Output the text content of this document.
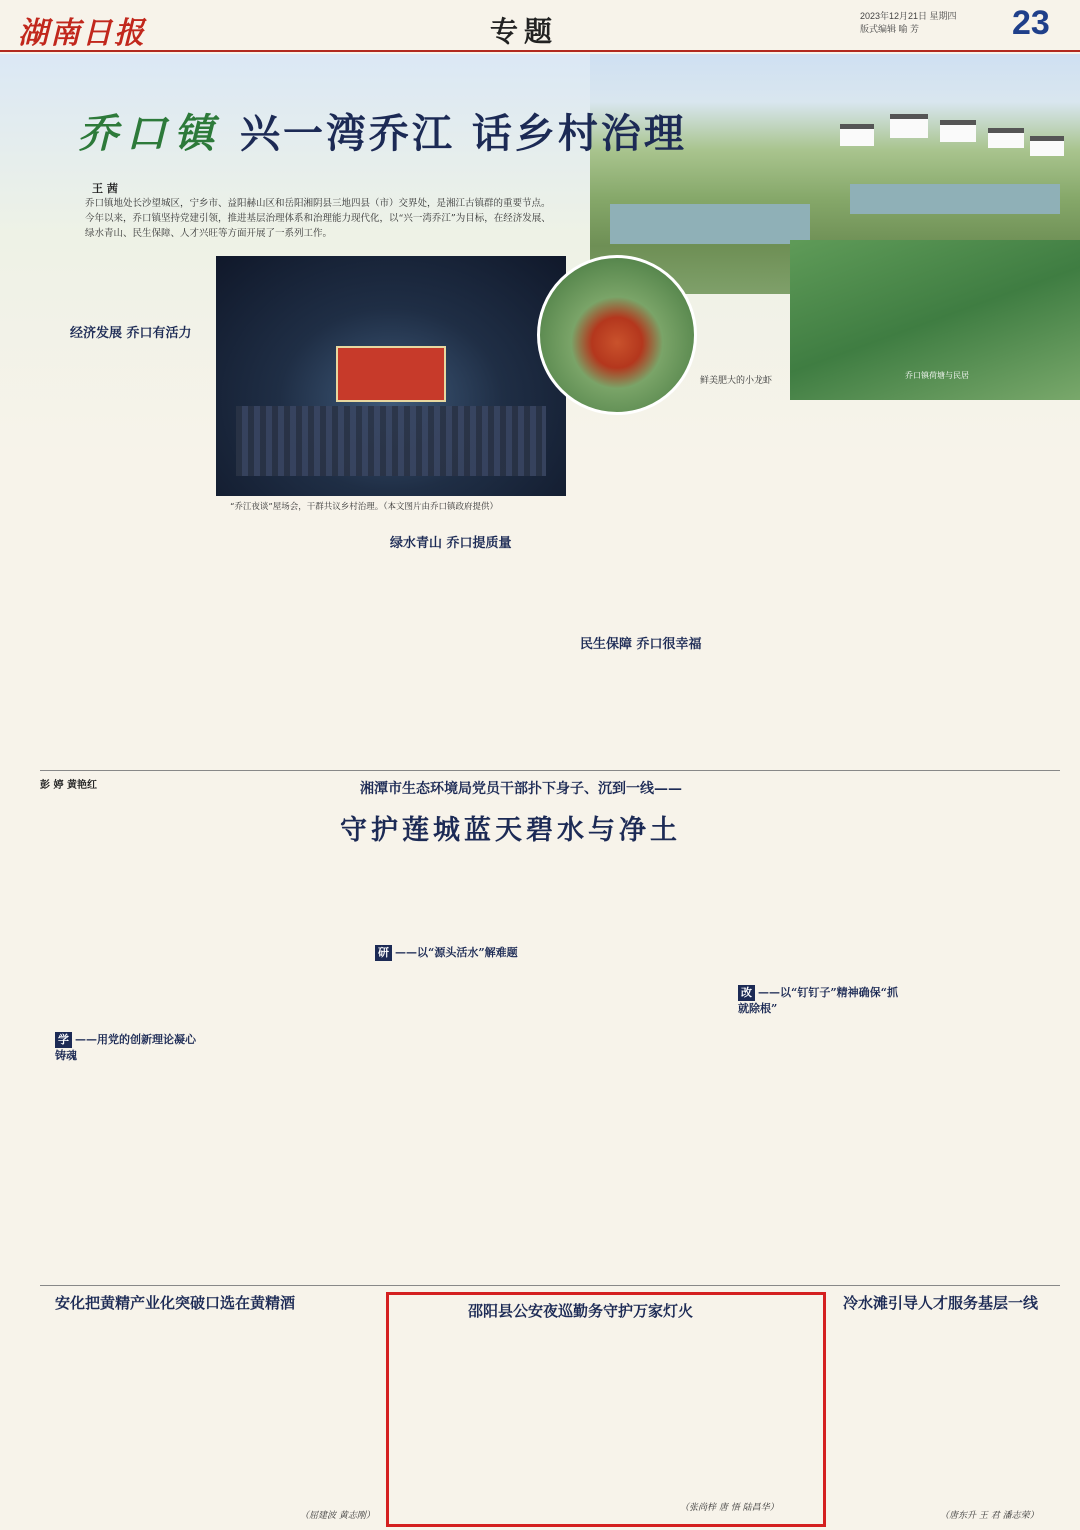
湖南日报	专题	2023年12月21日 星期四
版式编辑 喻 芳	23
乔口镇 兴一湾乔江 话乡村治理
王 茜
乔口镇地处长沙望城区，宁乡市、益阳赫山区和岳阳湘阴县三地四县（市）交界处，是湘江古镇群的重要节点。今年以来，乔口镇坚持党建引领，推进基层治理体系和治理能力现代化，以“兴一湾乔江”为目标，在经济发展、绿水青山、民生保障、人才兴旺等方面开展了一系列工作。
乔口镇荷塘与民居
“乔江夜谈”屋场会，干群共议乡村治理。（本文图片由乔口镇政府提供）
鲜美肥大的小龙虾
经济发展 乔口有活力
绿水青山 乔口提质量
民生保障 乔口很幸福
彭 婷 黄艳红	湘潭市生态环境局党员干部扑下身子、沉到一线——
守护莲城蓝天碧水与净土
学 ——用党的创新理论凝心铸魂
研 ——以“源头活水”解难题
改 ——以“钉钉子”精神确保“抓就除根”
安化把黄精产业化突破口选在黄精酒	邵阳县公安夜巡勤务守护万家灯火	冷水滩引导人才服务基层一线
（屈建波 黄志刚）
（张尚梓 唐 悟 陆昌华）
（唐东升 王 君 潘志荣）
